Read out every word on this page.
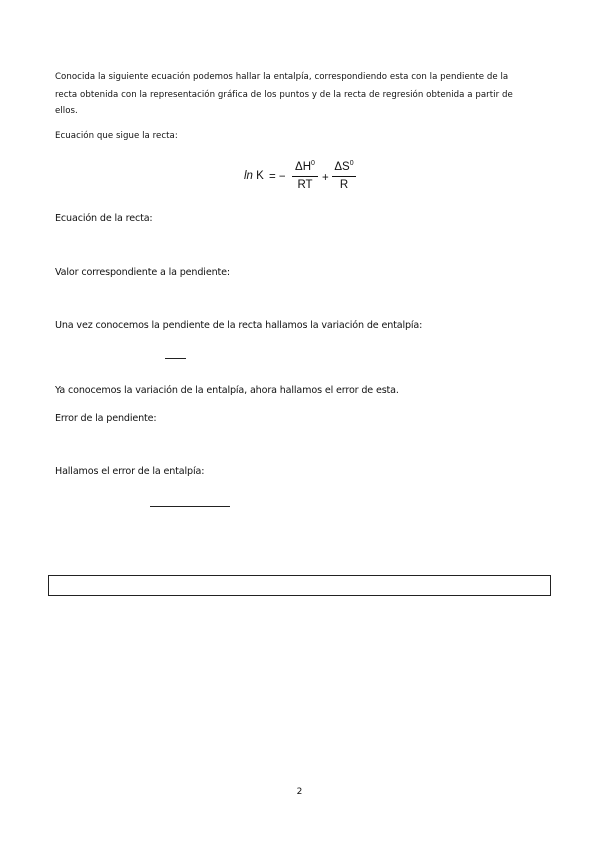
Conocida la siguiente ecuación podemos hallar la entalpía, correspondiendo esta con la pendiente de la
recta obtenida con la representación gráfica de los puntos y de la recta de regresión obtenida a partir de
ellos.
Ecuación que sigue la recta:
ln K = −
$\Delta H^0$
RT
+
$\Delta S^0$
R
Ecuación de la recta:
Valor correspondiente a la pendiente:
Una vez conocemos la pendiente de la recta hallamos la variación de entalpía:
Ya conocemos la variación de la entalpía, ahora hallamos el error de esta.
Error de la pendiente:
Hallamos el error de la entalpía:
2
